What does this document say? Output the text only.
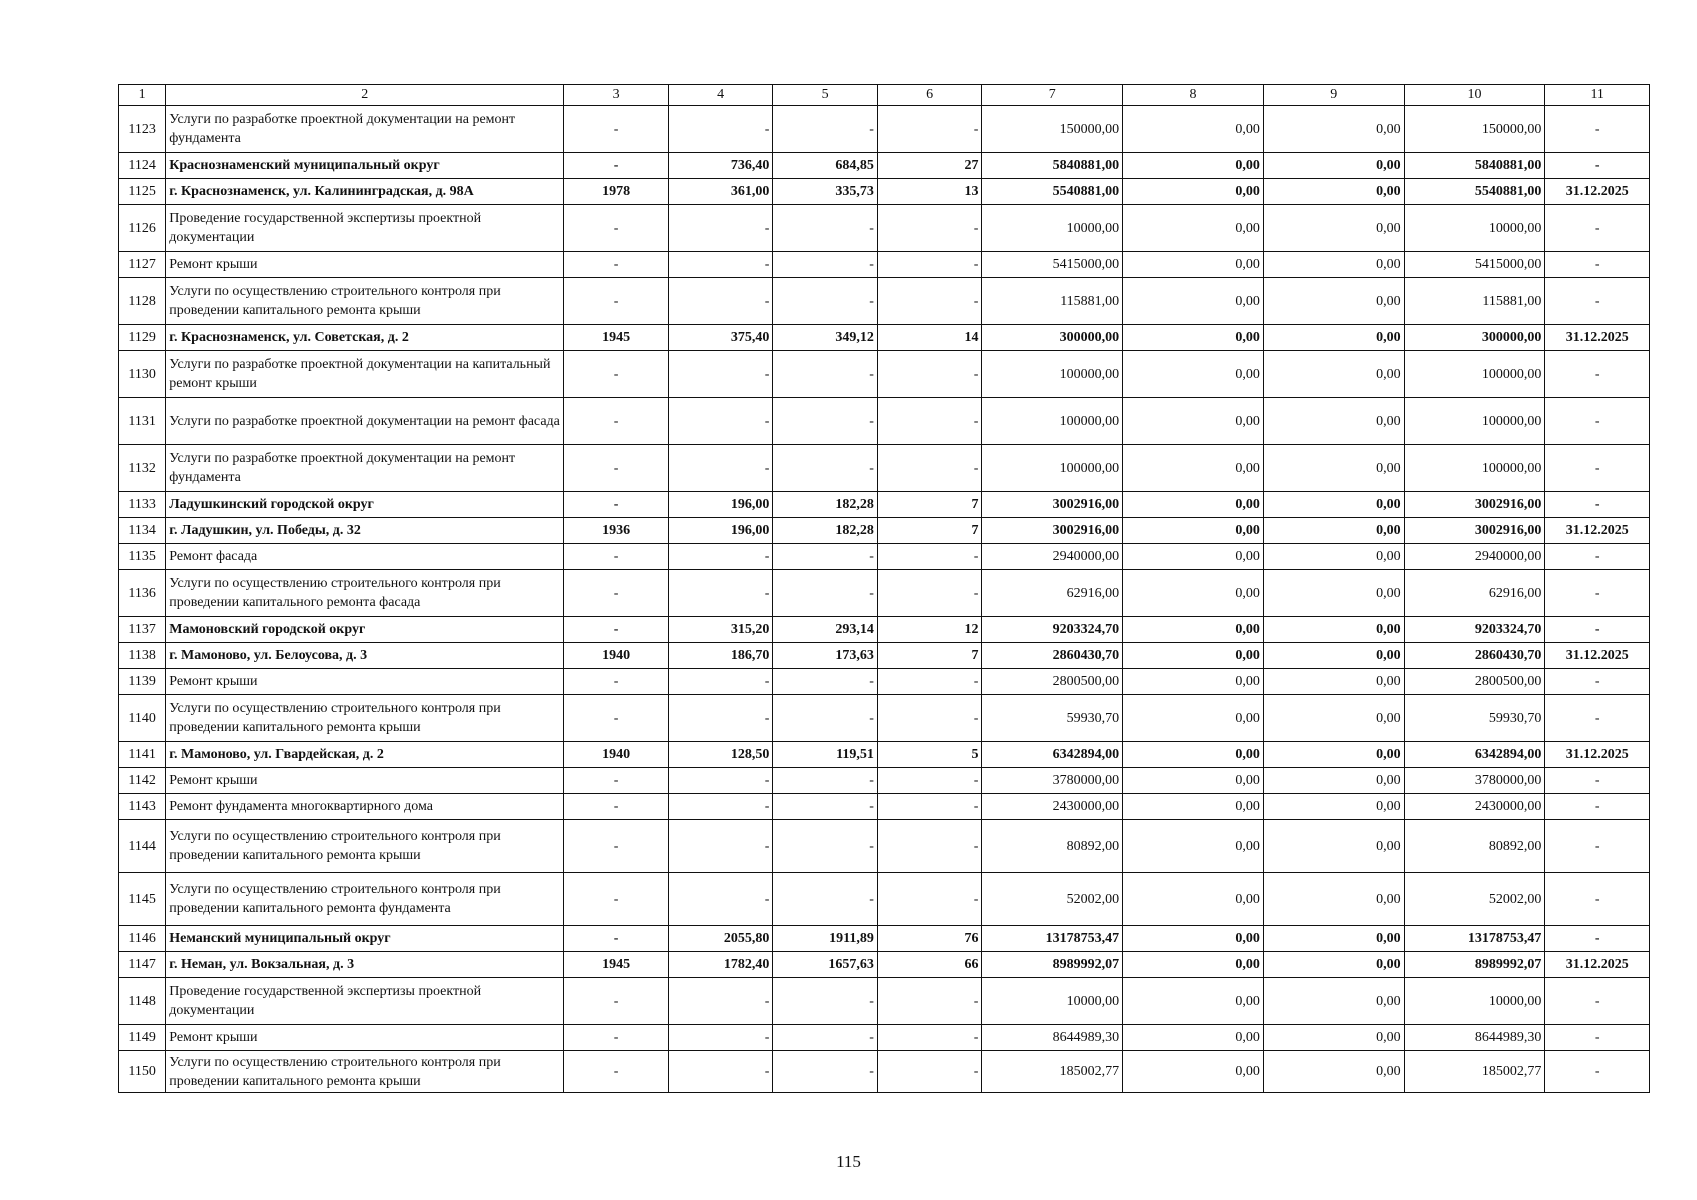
1	2	3	4	5	6	7	8	9	10	11
1123	Услуги по разработке проектной документации на ремонт фундамента	-	-	-	-	150000,00	0,00	0,00	150000,00	-
1124	Краснознаменский муниципальный округ	-	736,40	684,85	27	5840881,00	0,00	0,00	5840881,00	-
1125	г. Краснознаменск, ул. Калининградская, д. 98А	1978	361,00	335,73	13	5540881,00	0,00	0,00	5540881,00	31.12.2025
1126	Проведение государственной экспертизы проектной документации	-	-	-	-	10000,00	0,00	0,00	10000,00	-
1127	Ремонт крыши	-	-	-	-	5415000,00	0,00	0,00	5415000,00	-
1128	Услуги по осуществлению строительного контроля при проведении капитального ремонта крыши	-	-	-	-	115881,00	0,00	0,00	115881,00	-
1129	г. Краснознаменск, ул. Советская, д. 2	1945	375,40	349,12	14	300000,00	0,00	0,00	300000,00	31.12.2025
1130	Услуги по разработке проектной документации на капитальный ремонт крыши	-	-	-	-	100000,00	0,00	0,00	100000,00	-
1131	Услуги по разработке проектной документации на ремонт фасада	-	-	-	-	100000,00	0,00	0,00	100000,00	-
1132	Услуги по разработке проектной документации на ремонт фундамента	-	-	-	-	100000,00	0,00	0,00	100000,00	-
1133	Ладушкинский городской округ	-	196,00	182,28	7	3002916,00	0,00	0,00	3002916,00	-
1134	г. Ладушкин, ул. Победы, д. 32	1936	196,00	182,28	7	3002916,00	0,00	0,00	3002916,00	31.12.2025
1135	Ремонт фасада	-	-	-	-	2940000,00	0,00	0,00	2940000,00	-
1136	Услуги по осуществлению строительного контроля при проведении капитального ремонта фасада	-	-	-	-	62916,00	0,00	0,00	62916,00	-
1137	Мамоновский городской округ	-	315,20	293,14	12	9203324,70	0,00	0,00	9203324,70	-
1138	г. Мамоново, ул. Белоусова, д. 3	1940	186,70	173,63	7	2860430,70	0,00	0,00	2860430,70	31.12.2025
1139	Ремонт крыши	-	-	-	-	2800500,00	0,00	0,00	2800500,00	-
1140	Услуги по осуществлению строительного контроля при проведении капитального ремонта крыши	-	-	-	-	59930,70	0,00	0,00	59930,70	-
1141	г. Мамоново, ул. Гвардейская, д. 2	1940	128,50	119,51	5	6342894,00	0,00	0,00	6342894,00	31.12.2025
1142	Ремонт крыши	-	-	-	-	3780000,00	0,00	0,00	3780000,00	-
1143	Ремонт фундамента многоквартирного дома	-	-	-	-	2430000,00	0,00	0,00	2430000,00	-
1144	Услуги по осуществлению строительного контроля при проведении капитального ремонта крыши	-	-	-	-	80892,00	0,00	0,00	80892,00	-
1145	Услуги по осуществлению строительного контроля при проведении капитального ремонта фундамента	-	-	-	-	52002,00	0,00	0,00	52002,00	-
1146	Неманский муниципальный округ	-	2055,80	1911,89	76	13178753,47	0,00	0,00	13178753,47	-
1147	г. Неман, ул. Вокзальная, д. 3	1945	1782,40	1657,63	66	8989992,07	0,00	0,00	8989992,07	31.12.2025
1148	Проведение государственной экспертизы проектной документации	-	-	-	-	10000,00	0,00	0,00	10000,00	-
1149	Ремонт крыши	-	-	-	-	8644989,30	0,00	0,00	8644989,30	-
1150	Услуги по осуществлению строительного контроля при проведении капитального ремонта крыши	-	-	-	-	185002,77	0,00	0,00	185002,77	-
115
